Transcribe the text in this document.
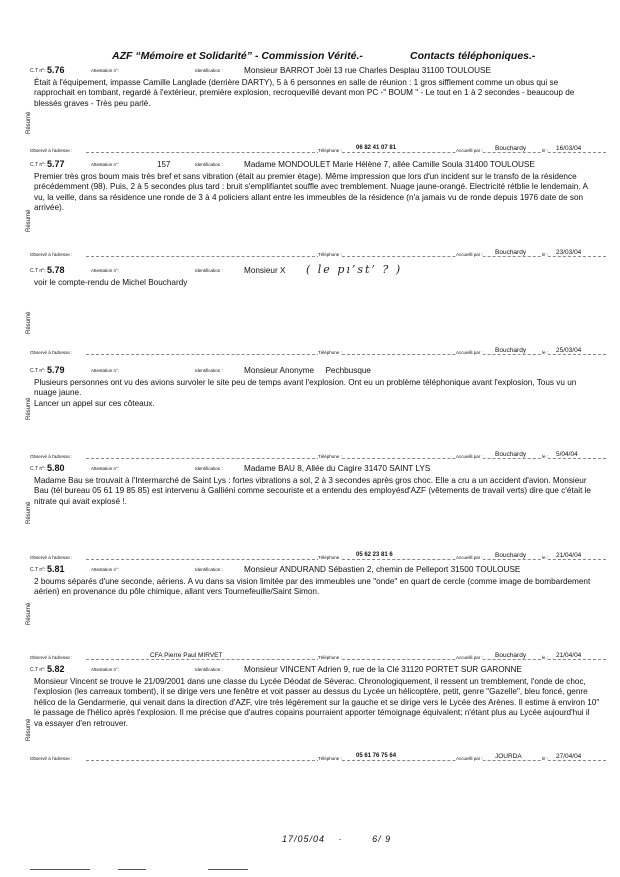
AZF “Mémoire et Solidarité” - Commission Vérité.-	Contacts téléphoniques.-
C.T n°: 5.76	Attestation n°:	Identification :	Monsieur BARROT Joël 13 rue Charles Desplau 31100 TOULOUSE
Était à l'équipement, impasse Camille Langlade (derrière DARTY), 5 à 6 personnes en salle de réunion : 1 gros sifflement comme un obus qui se rapprochait en tombant, regardé à l'extérieur, première explosion, recroquevillé devant mon PC -" BOUM " - Le tout en 1 à 2 secondes - beaucoup de blessés graves - Très peu parlé.
Résumé
Observé à l'adresse :	Téléphone : 06 82 41 07 81	Accueilli par : Bouchardy	le : 16/03/04
C.T n°: 5.77	Attestation n°:	157	Identification :	Madame MONDOULET Marie Hélène 7, allée Camille Soula 31400 TOULOUSE
Premier très gros boum mais très bref et sans vibration (était au premier étage). Même impression que lors d'un incident sur le transfo de la résidence précédemment (98). Puis, 2 à 5 secondes plus tard : bruit s'emplifiantet souffle avec tremblement. Nuage jaune-orangé. Electricité rétblie le lendemain. A vu, la veille, dans sa résidence une ronde de 3 à 4 policiers allant entre les immeubles de la résidence (n'a jamais vu de ronde depuis 1976 date de son arrivée).
Résumé
Observé à l'adresse :	Téléphone :	Accueilli par : Bouchardy	le : 23/03/04
C.T n°: 5.78	Attestation n°:	Identification :	Monsieur X ( le pı’st’ ? )
voir le compte-rendu de Michel Bouchardy
Résumé
Observé à l'adresse :	Téléphone :	Accueilli par : Bouchardy	le : 25/03/04
C.T n°: 5.79	Attestation n°:	Identification :	Monsieur Anonyme     Pechbusque
Plusieurs personnes ont vu des avions survoler le site peu de temps avant l'explosion. Ont eu un problème téléphonique avant l'explosion, Tous vu un nuage jaune.
Lancer un appel sur ces côteaux.
Résumé
Observé à l'adresse :	Téléphone :	Accueilli par : Bouchardy	le : 5/04/04
C.T n°: 5.80	Attestation n°:	Identification :	Madame BAU 8, Allée du Cagire 31470 SAINT LYS
Madame Bau se trouvait à l'Intermarché de Saint Lys : fortes vibrations a sol, 2 à 3 secondes après gros choc. Elle a cru a un accident d'avion. Monsieur Bau (tél bureau 05 61 19 85 85) est intervenu à Galliéni comme secouriste et a entendu des employésd'AZF (vêtements de travail verts) dire que c'était le nitrate qui avait explosé !.
Résumé
Observé à l'adresse :	Téléphone : 05 62 23 81 6	Accueilli par : Bouchardy	le : 21/04/04
C.T n°: 5.81	Attestation n°:	Identification :	Monsieur ANDURAND Sébastien 2, chemin de Pelleport 31500 TOULOUSE
2 boums séparés d'une seconde, aériens. A vu dans sa vision limitée par des immeubles une "onde" en quart de cercle (comme image de bombardement aérien) en provenance du pôle chimique, allant vers Tournefeuille/Saint Simon.
Résumé
Observé à l'adresse :	CFA Pierre Paul MIRVET	Téléphone :	Accueilli par : Bouchardy	le : 21/04/04
C.T n°: 5.82	Attestation n°:	Identification :	Monsieur VINCENT Adrien 9, rue de la Clé 31120 PORTET SUR GARONNE
Monsieur Vincent se trouve le 21/09/2001 dans une classe du Lycée Déodat de Séverac. Chronologiquement, il ressent un tremblement, l'onde de choc, l'explosion (les carreaux tombent), il se dirige vers une fenêtre et voit passer au dessus du Lycée un hélicoptère, petit, genre "Gazelle", bleu foncé, genre hélico de la Gendarmerie, qui venait dans la direction d'AZF, vire très légèrement sur la gauche et se dirige vers le Lycée des Arènes. Il estime à environ 10" le passage de l'hélico après l'explosion. Il me précise que d'autres copains pourraient apporter témoignage équivalent; n'étant plus au Lycée aujourd'hui il va essayer d'en retrouver.
Résumé
Observé à l'adresse :	Téléphone : 05 61 76 75 64	Accueilli par : JOURDA	le : 27/04/04
17/05/04 ·	6/ 9
